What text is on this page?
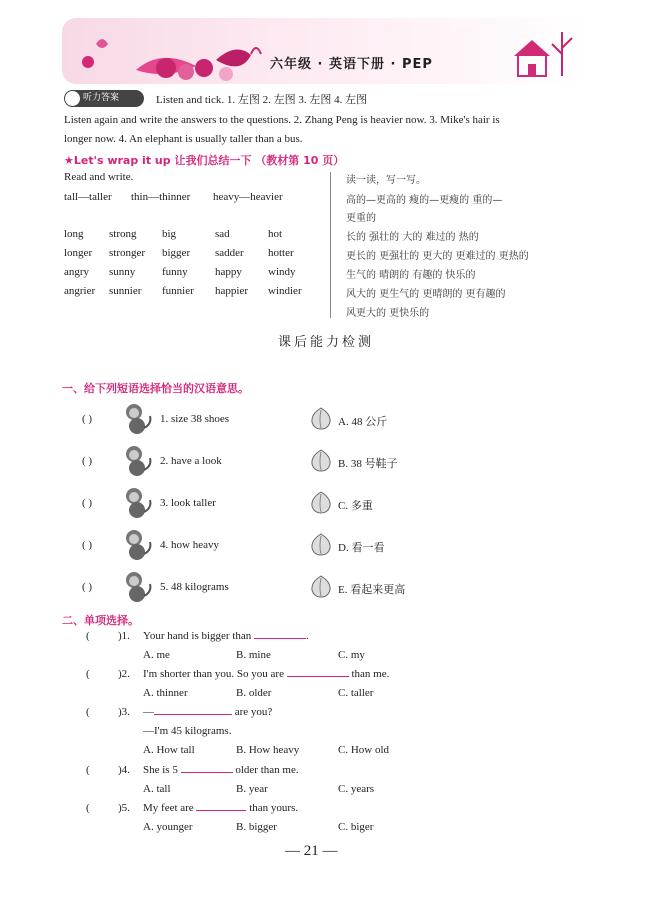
六年级 · 英语下册 · PEP
听力答案	Listen and tick. 1. 左图 2. 左图 3. 左图 4. 左图
Listen again and write the answers to the questions. 2. Zhang Peng is heavier now. 3. Mike's hair is
longer now. 4. An elephant is usually taller than a bus.
★Let's wrap it up 让我们总结一下 （教材第 10 页）
Read and write.
tall—taller thin—thinner heavy—heavier
long strong big	sad	hot
longer stronger bigger sadder hotter
angry sunny funny happy windy
angrier sunnier funnier happier windier
读一读，写一写。
高的—更高的 瘦的—更瘦的 重的—
更重的
长的 强壮的 大的 难过的 热的
更长的 更强壮的 更大的 更难过的 更热的
生气的 晴朗的 有趣的 快乐的
风大的 更生气的 更晴朗的 更有趣的
风更大的 更快乐的
课后能力检测
一、给下列短语选择恰当的汉语意思。
( )	1. size 38 shoes	A. 48 公斤
( )	2. have a look	B. 38 号鞋子
( )	3. look taller	C. 多重
( )	4. how heavy	D. 看一看
( )	5. 48 kilograms	E. 看起来更高
二、单项选择。
(	)1. Your hand is bigger than	.
A. me	B. mine	C. my
(	)2. I'm shorter than you. So you are	than me.
A. thinner	B. older	C. taller
(	)3. —	are you?
—I'm 45 kilograms.
A. How tall	B. How heavy	C. How old
(	)4. She is 5	older than me.
A. tall	B. year	C. years
(	)5. My feet are	than yours.
A. younger	B. bigger	C. biger
— 21 —
